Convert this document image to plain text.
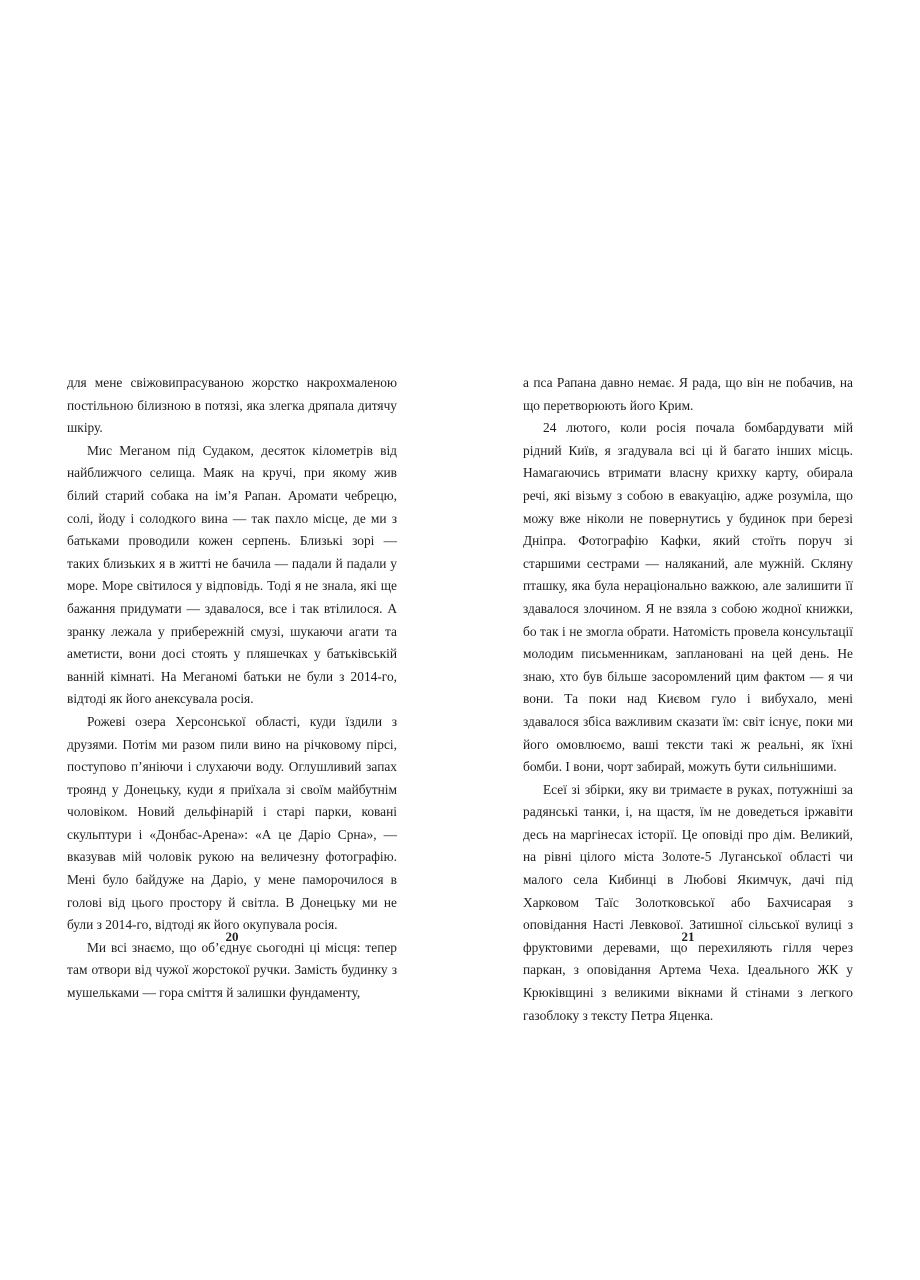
для мене свіжовипрасуваною жорстко накрохмаленою постільною білизною в потязі, яка злегка дряпала дитячу шкіру.

Мис Меганом під Судаком, десяток кілометрів від найближчого селища. Маяк на кручі, при якому жив білий старий собака на ім’я Рапан. Аромати чебрецю, солі, йоду і солодкого вина — так пахло місце, де ми з батьками проводили кожен серпень. Близькі зорі — таких близьких я в житті не бачила — падали й падали у море. Море світилося у відповідь. Тоді я не знала, які ще бажання придумати — здавалося, все і так втілилося. А зранку лежала у прибережній смузі, шукаючи агати та аметисти, вони досі стоять у пляшечках у батьківській ванній кімнаті. На Меганомі батьки не були з 2014-го, відтоді як його анексувала росія.

Рожеві озера Херсонської області, куди їздили з друзями. Потім ми разом пили вино на річковому пірсі, поступово п’яніючи і слухаючи воду. Оглушливий запах троянд у Донецьку, куди я приїхала зі своїм майбутнім чоловіком. Новий дельфінарій і старі парки, ковані скульптури і «Донбас-Арена»: «А це Даріо Срна», — вказував мій чоловік рукою на величезну фотографію. Мені було байдуже на Даріо, у мене паморочилося в голові від цього простору й світла. В Донецьку ми не були з 2014-го, відтоді як його окупувала росія.

Ми всі знаємо, що об’єднує сьогодні ці місця: тепер там отвори від чужої жорстокої ручки. Замість будинку з мушельками — гора сміття й залишки фундаменту,

20

а пса Рапана давно немає. Я рада, що він не побачив, на що перетворюють його Крим.

24 лютого, коли росія почала бомбардувати мій рідний Київ, я згадувала всі ці й багато інших місць. Намагаючись втримати власну крихку карту, обирала речі, які візьму з собою в евакуацію, адже розуміла, що можу вже ніколи не повернутись у будинок при березі Дніпра. Фотографію Кафки, який стоїть поруч зі старшими сестрами — наляканий, але мужній. Скляну пташку, яка була нераціонально важкою, але залишити її здавалося злочином. Я не взяла з собою жодної книжки, бо так і не змогла обрати. Натомість провела консультації молодим письменникам, заплановані на цей день. Не знаю, хто був більше засоромлений цим фактом — я чи вони. Та поки над Києвом гуло і вибухало, мені здавалося збіса важливим сказати їм: світ існує, поки ми його омовлюємо, ваші тексти такі ж реальні, як їхні бомби. І вони, чорт забирай, можуть бути сильнішими.

Есеї зі збірки, яку ви тримаєте в руках, потужніші за радянські танки, і, на щастя, їм не доведеться іржавіти десь на маргінесах історії. Це оповіді про дім. Великий, на рівні цілого міста Золоте-5 Луганської області чи малого села Кибинці в Любові Якимчук, дачі під Харковом Таїс Золотковської або Бахчисарая з оповідання Насті Левкової. Затишної сільської вулиці з фруктовими деревами, що перехиляють гілля через паркан, з оповідання Артема Чеха. Ідеального ЖК у Крюківщині з великими вікнами й стінами з легкого газоблоку з тексту Петра Яценка.

21
